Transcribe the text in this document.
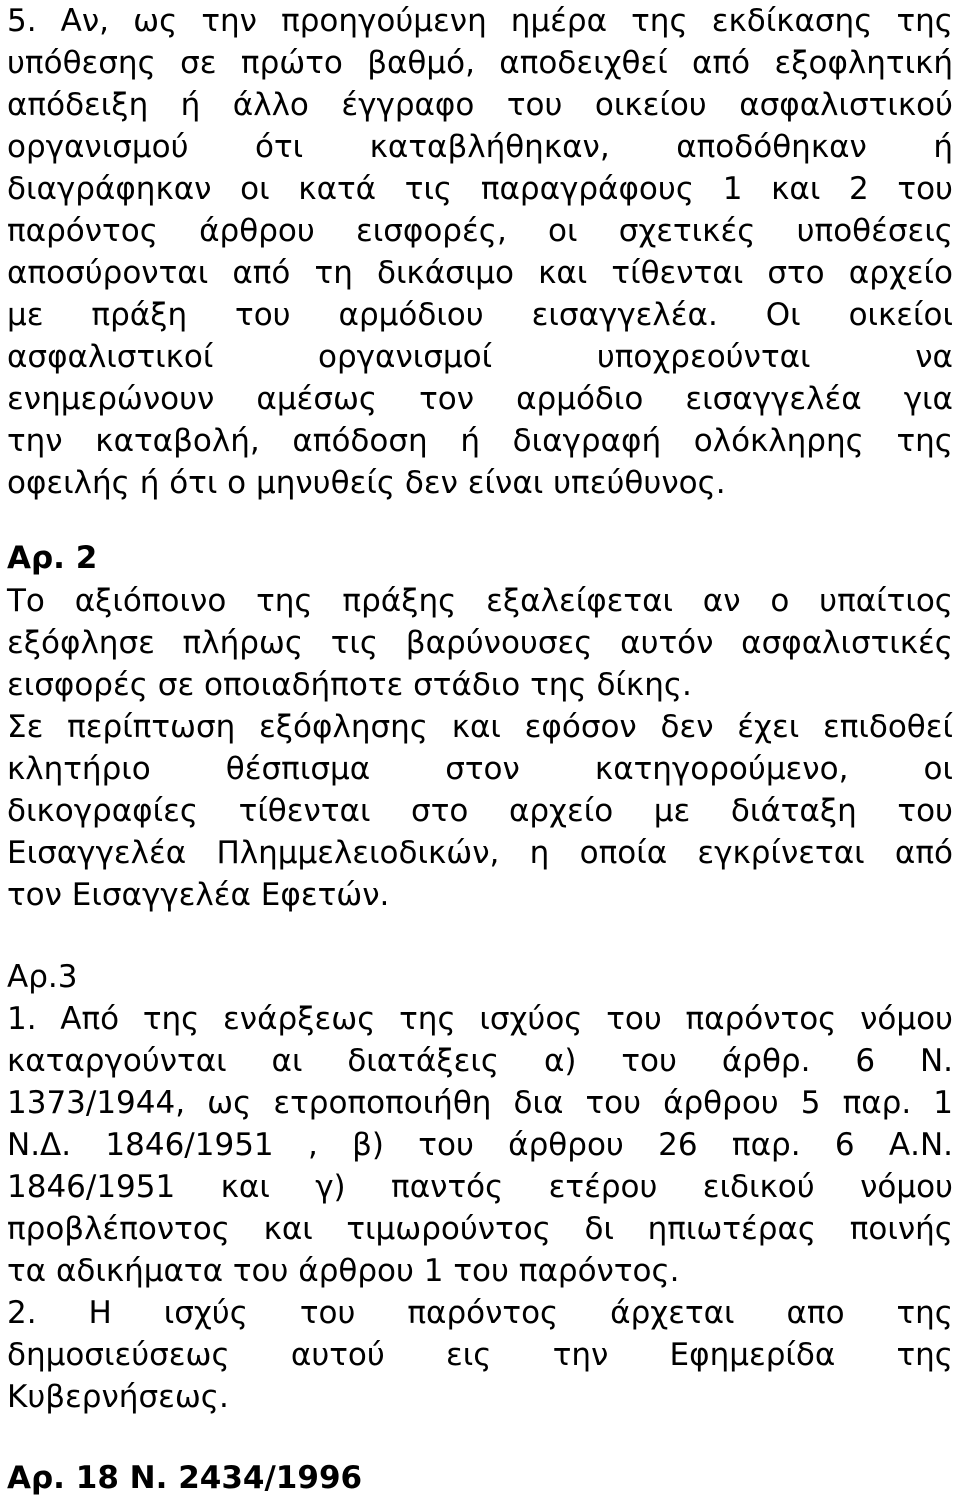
5. Αν, ως την προηγούμενη ημέρα της εκδίκασης της
υπόθεσης σε πρώτο βαθμό, αποδειχθεί από εξοφλητική
απόδειξη ή άλλο έγγραφο του οικείου ασφαλιστικού
οργανισμού ότι καταβλήθηκαν, αποδόθηκαν ή
διαγράφηκαν οι κατά τις παραγράφους 1 και 2 του
παρόντος άρθρου εισφορές, οι σχετικές υποθέσεις
αποσύρονται από τη δικάσιμο και τίθενται στο αρχείο
με πράξη του αρμόδιου εισαγγελέα. Οι οικείοι
ασφαλιστικοί οργανισμοί υποχρεούνται να
ενημερώνουν αμέσως τον αρμόδιο εισαγγελέα για
την καταβολή, απόδοση ή διαγραφή ολόκληρης της
οφειλής ή ότι ο μηνυθείς δεν είναι υπεύθυνος.
Αρ. 2
Το αξιόποινο της πράξης εξαλείφεται αν ο υπαίτιος
εξόφλησε πλήρως τις βαρύνουσες αυτόν ασφαλιστικές
εισφορές σε οποιαδήποτε στάδιο της δίκης.
Σε περίπτωση εξόφλησης και εφόσον δεν έχει επιδοθεί
κλητήριο θέσπισμα στον κατηγορούμενο, οι
δικογραφίες τίθενται στο αρχείο με διάταξη του
Εισαγγελέα Πλημμελειοδικών, η οποία εγκρίνεται από
τον Εισαγγελέα Εφετών.
Αρ.3
1. Από της ενάρξεως της ισχύος του παρόντος νόμου
καταργούνται αι διατάξεις α) του άρθρ. 6 Ν.
1373/1944, ως ετροποποιήθη δια του άρθρου 5 παρ. 1
Ν.Δ. 1846/1951 , β) του άρθρου 26 παρ. 6 Α.Ν.
1846/1951 και γ) παντός ετέρου ειδικού νόμου
προβλέποντος και τιμωρούντος δι ηπιωτέρας ποινής
τα αδικήματα του άρθρου 1 του παρόντος.
2. Η ισχύς του παρόντος άρχεται απο της
δημοσιεύσεως αυτού εις την Εφημερίδα της
Κυβερνήσεως.
Αρ. 18 Ν. 2434/1996
